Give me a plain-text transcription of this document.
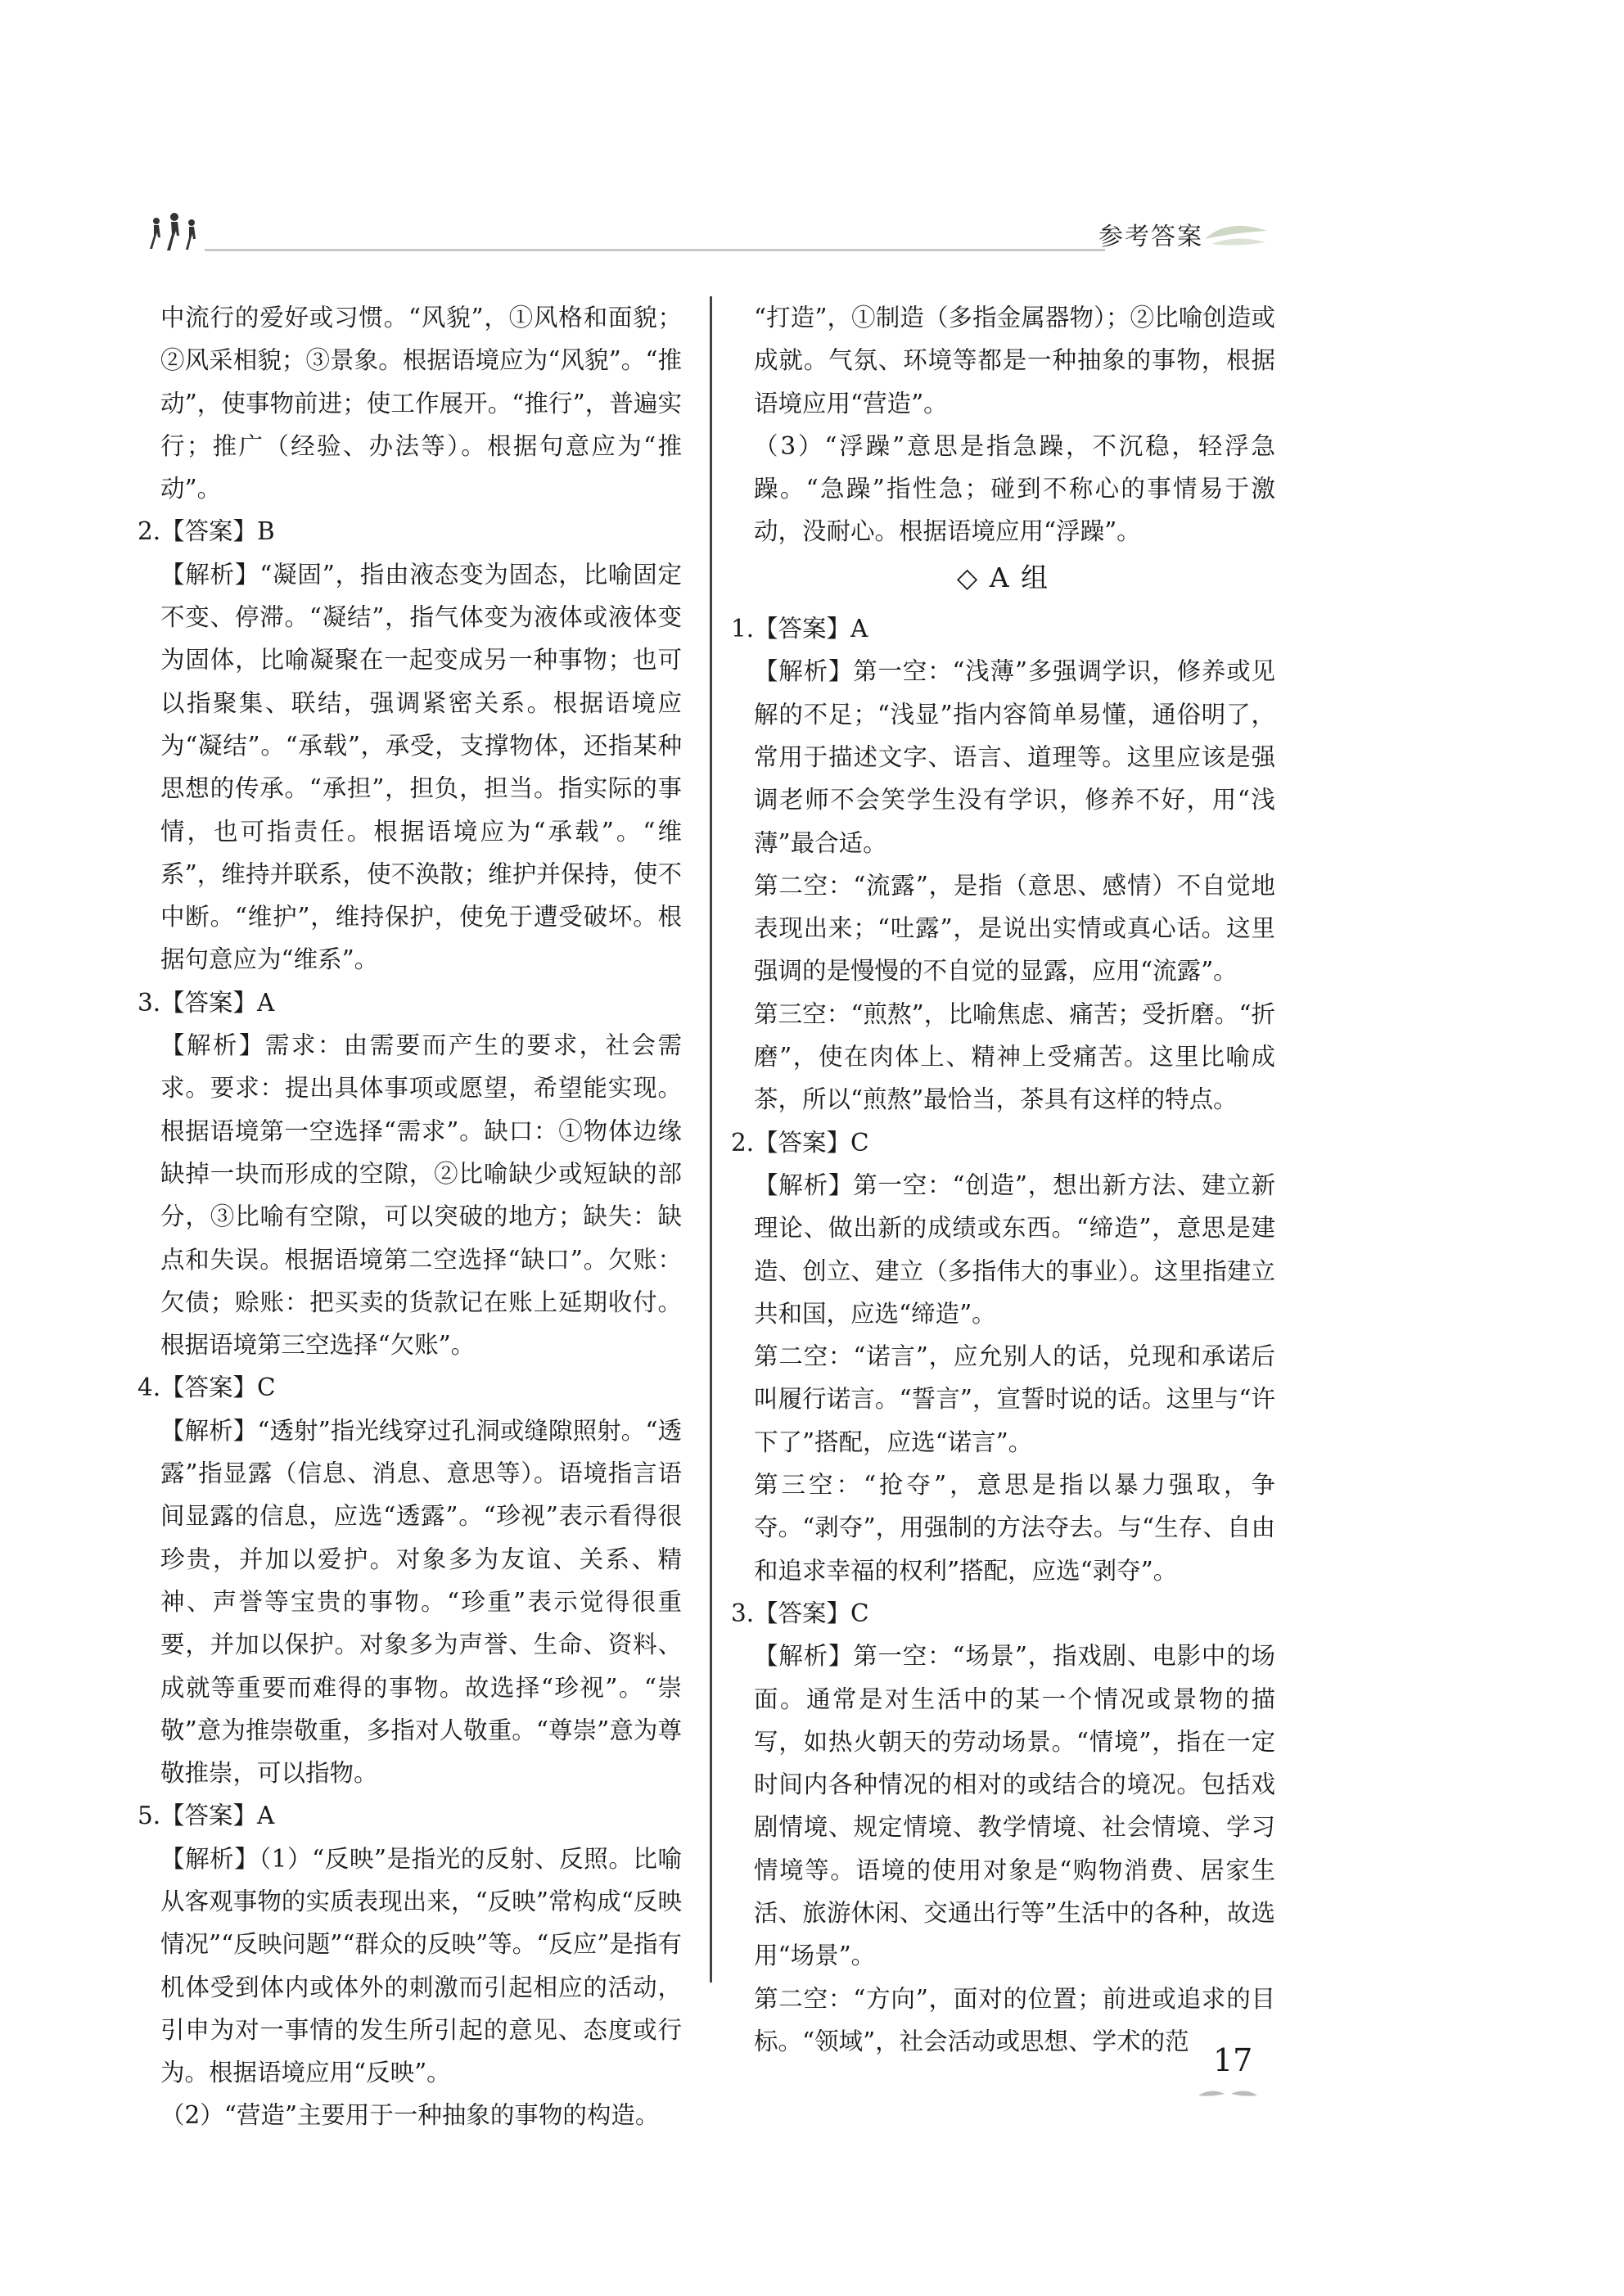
参考答案

中流行的爱好或习惯。“风貌”，①风格和面貌；②风采相貌；③景象。根据语境应为“风貌”。“推动”，使事物前进；使工作展开。“推行”，普遍实行；推广（经验、办法等）。根据句意应为“推动”。

2.【答案】B

【解析】“凝固”，指由液态变为固态，比喻固定不变、停滞。“凝结”，指气体变为液体或液体变为固体，比喻凝聚在一起变成另一种事物；也可以指聚集、联结，强调紧密关系。根据语境应为“凝结”。“承载”，承受，支撑物体，还指某种思想的传承。“承担”，担负，担当。指实际的事情，也可指责任。根据语境应为“承载”。“维系”，维持并联系，使不涣散；维护并保持，使不中断。“维护”，维持保护，使免于遭受破坏。根据句意应为“维系”。

3.【答案】A

【解析】需求：由需要而产生的要求，社会需求。要求：提出具体事项或愿望，希望能实现。根据语境第一空选择“需求”。缺口：①物体边缘缺掉一块而形成的空隙，②比喻缺少或短缺的部分，③比喻有空隙，可以突破的地方；缺失：缺点和失误。根据语境第二空选择“缺口”。欠账：欠债；赊账：把买卖的货款记在账上延期收付。根据语境第三空选择“欠账”。

4.【答案】C

【解析】“透射”指光线穿过孔洞或缝隙照射。“透露”指显露（信息、消息、意思等）。语境指言语间显露的信息，应选“透露”。“珍视”表示看得很珍贵，并加以爱护。对象多为友谊、关系、精神、声誉等宝贵的事物。“珍重”表示觉得很重要，并加以保护。对象多为声誉、生命、资料、成就等重要而难得的事物。故选择“珍视”。“崇敬”意为推崇敬重，多指对人敬重。“尊崇”意为尊敬推崇，可以指物。

5.【答案】A

【解析】（1）“反映”是指光的反射、反照。比喻从客观事物的实质表现出来，“反映”常构成“反映情况”“反映问题”“群众的反映”等。“反应”是指有机体受到体内或体外的刺激而引起相应的活动，引申为对一事情的发生所引起的意见、态度或行为。根据语境应用“反映”。

（2）“营造”主要用于一种抽象的事物的构造。

“打造”，①制造（多指金属器物）；②比喻创造或成就。气氛、环境等都是一种抽象的事物，根据语境应用“营造”。

（3）“浮躁”意思是指急躁，不沉稳，轻浮急躁。“急躁”指性急；碰到不称心的事情易于激动，没耐心。根据语境应用“浮躁”。

◇ A 组

1.【答案】A

【解析】第一空：“浅薄”多强调学识，修养或见解的不足；“浅显”指内容简单易懂，通俗明了，常用于描述文字、语言、道理等。这里应该是强调老师不会笑学生没有学识，修养不好，用“浅薄”最合适。

第二空：“流露”，是指（意思、感情）不自觉地表现出来；“吐露”，是说出实情或真心话。这里强调的是慢慢的不自觉的显露，应用“流露”。

第三空：“煎熬”，比喻焦虑、痛苦；受折磨。“折磨”，使在肉体上、精神上受痛苦。这里比喻成茶，所以“煎熬”最恰当，茶具有这样的特点。

2.【答案】C

【解析】第一空：“创造”，想出新方法、建立新理论、做出新的成绩或东西。“缔造”，意思是建造、创立、建立（多指伟大的事业）。这里指建立共和国，应选“缔造”。

第二空：“诺言”，应允别人的话，兑现和承诺后叫履行诺言。“誓言”，宣誓时说的话。这里与“许下了”搭配，应选“诺言”。

第三空：“抢夺”，意思是指以暴力强取，争夺。“剥夺”，用强制的方法夺去。与“生存、自由和追求幸福的权利”搭配，应选“剥夺”。

3.【答案】C

【解析】第一空：“场景”，指戏剧、电影中的场面。通常是对生活中的某一个情况或景物的描写，如热火朝天的劳动场景。“情境”，指在一定时间内各种情况的相对的或结合的境况。包括戏剧情境、规定情境、教学情境、社会情境、学习情境等。语境的使用对象是“购物消费、居家生活、旅游休闲、交通出行等”生活中的各种，故选用“场景”。

第二空：“方向”，面对的位置；前进或追求的目标。“领域”，社会活动或思想、学术的范

17
